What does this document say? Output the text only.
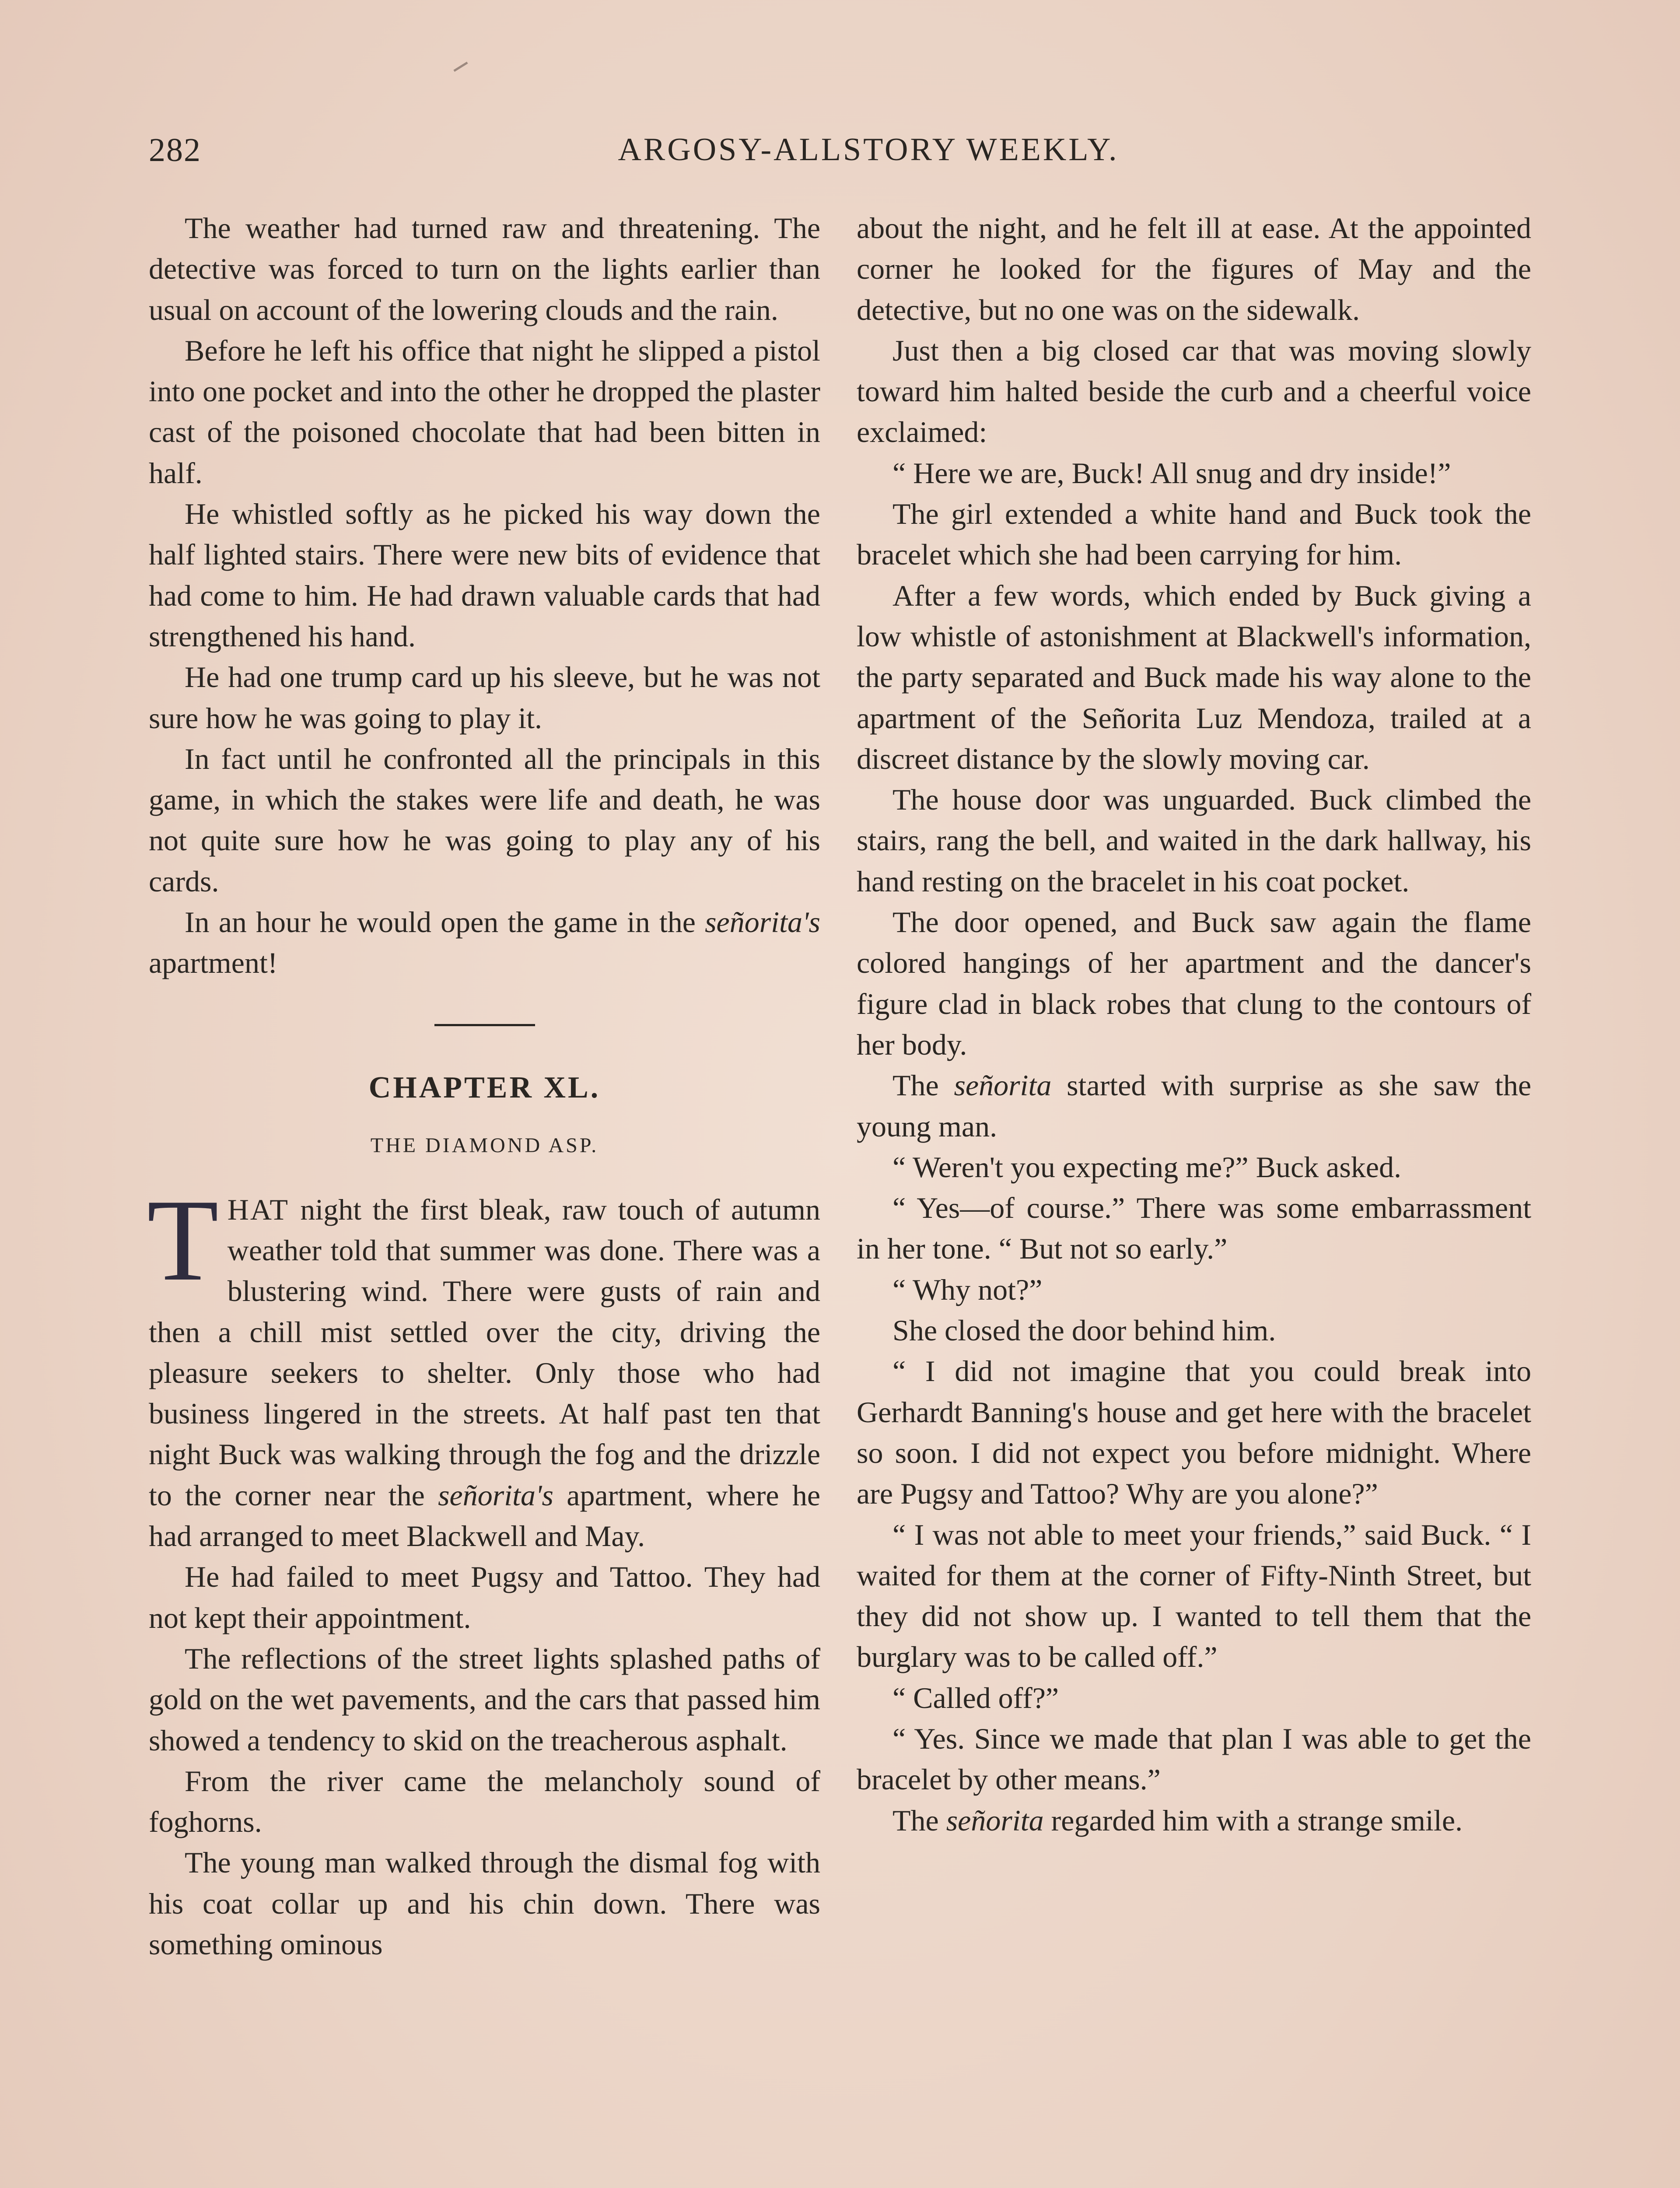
282	ARGOSY-ALLSTORY WEEKLY.

The weather had turned raw and threatening. The detective was forced to turn on the lights earlier than usual on account of the lowering clouds and the rain.

Before he left his office that night he slipped a pistol into one pocket and into the other he dropped the plaster cast of the poisoned chocolate that had been bitten in half.

He whistled softly as he picked his way down the half lighted stairs. There were new bits of evidence that had come to him. He had drawn valuable cards that had strengthened his hand.

He had one trump card up his sleeve, but he was not sure how he was going to play it.

In fact until he confronted all the principals in this game, in which the stakes were life and death, he was not quite sure how he was going to play any of his cards.

In an hour he would open the game in the señorita's apartment!

CHAPTER XL.
THE DIAMOND ASP.

THAT night the first bleak, raw touch of autumn weather told that summer was done. There was a blustering wind. There were gusts of rain and then a chill mist settled over the city, driving the pleasure seekers to shelter. Only those who had business lingered in the streets. At half past ten that night Buck was walking through the fog and the drizzle to the corner near the señorita's apartment, where he had arranged to meet Blackwell and May.

He had failed to meet Pugsy and Tattoo. They had not kept their appointment.

The reflections of the street lights splashed paths of gold on the wet pavements, and the cars that passed him showed a tendency to skid on the treacherous asphalt.

From the river came the melancholy sound of foghorns.

The young man walked through the dismal fog with his coat collar up and his chin down. There was something ominous

about the night, and he felt ill at ease. At the appointed corner he looked for the figures of May and the detective, but no one was on the sidewalk.

Just then a big closed car that was moving slowly toward him halted beside the curb and a cheerful voice exclaimed:

“ Here we are, Buck! All snug and dry inside!”

The girl extended a white hand and Buck took the bracelet which she had been carrying for him.

After a few words, which ended by Buck giving a low whistle of astonishment at Blackwell's information, the party separated and Buck made his way alone to the apartment of the Señorita Luz Mendoza, trailed at a discreet distance by the slowly moving car.

The house door was unguarded. Buck climbed the stairs, rang the bell, and waited in the dark hallway, his hand resting on the bracelet in his coat pocket.

The door opened, and Buck saw again the flame colored hangings of her apartment and the dancer's figure clad in black robes that clung to the contours of her body.

The señorita started with surprise as she saw the young man.

“ Weren't you expecting me?” Buck asked.

“ Yes—of course.” There was some embarrassment in her tone. “ But not so early.”

“ Why not?”

She closed the door behind him.

“ I did not imagine that you could break into Gerhardt Banning's house and get here with the bracelet so soon. I did not expect you before midnight. Where are Pugsy and Tattoo? Why are you alone?”

“ I was not able to meet your friends,” said Buck. “ I waited for them at the corner of Fifty-Ninth Street, but they did not show up. I wanted to tell them that the burglary was to be called off.”

“ Called off?”

“ Yes. Since we made that plan I was able to get the bracelet by other means.”

The señorita regarded him with a strange smile.
